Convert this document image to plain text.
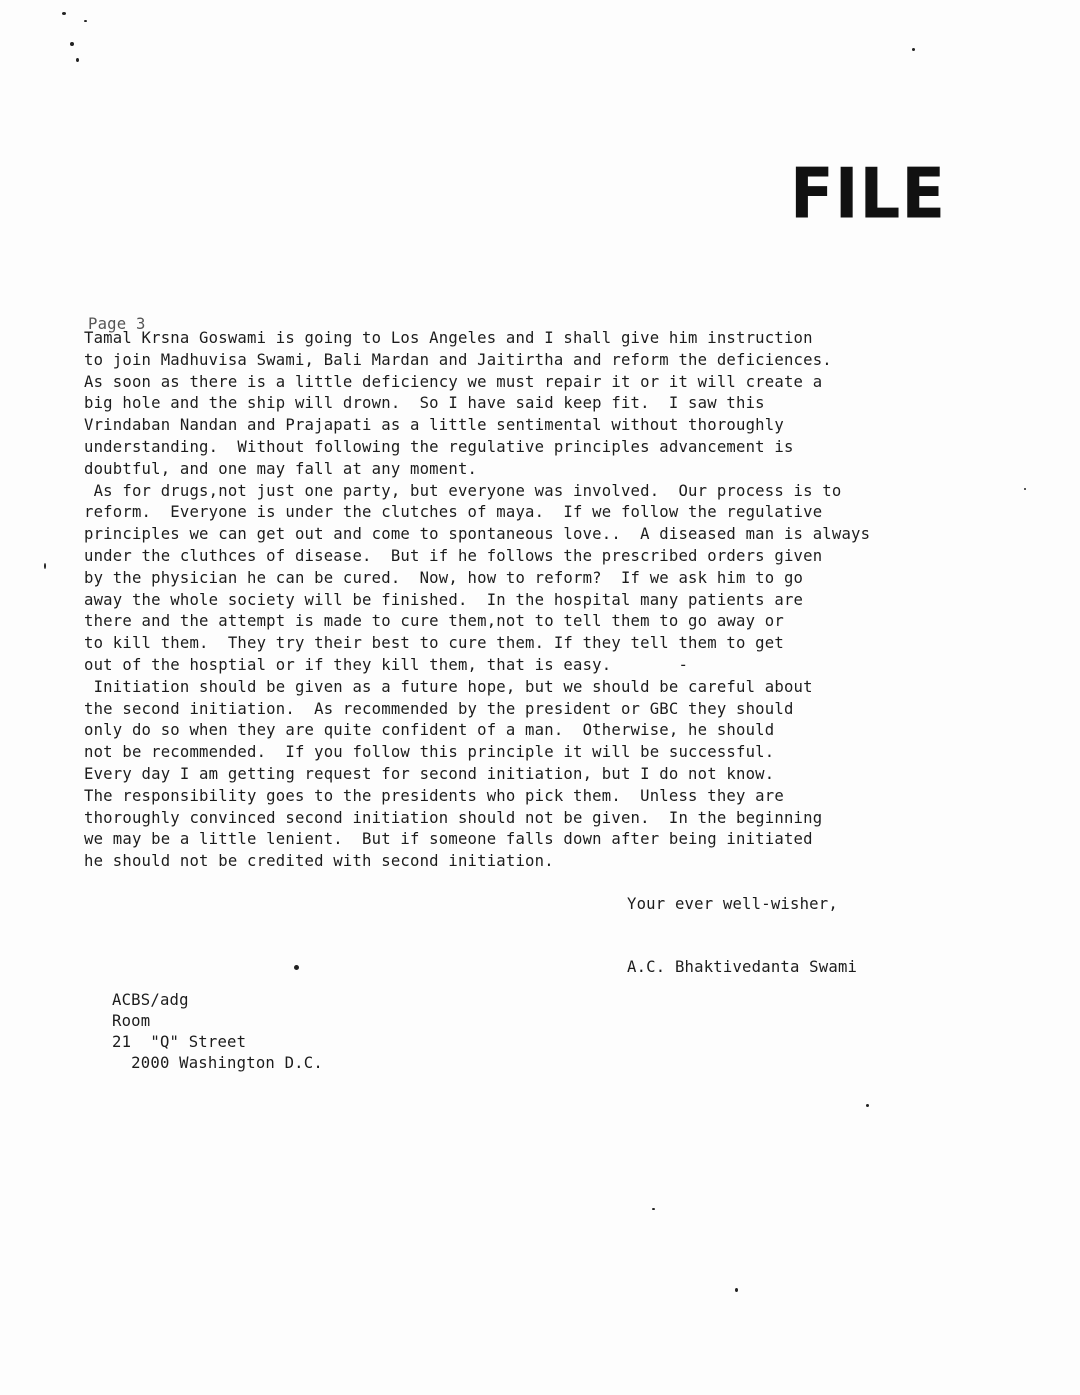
FILE
Page 3
Tamal Krsna Goswami is going to Los Angeles and I shall give him instruction
to join Madhuvisa Swami, Bali Mardan and Jaitirtha and reform the deficiences.
As soon as there is a little deficiency we must repair it or it will create a
big hole and the ship will drown.  So I have said keep fit.  I saw this
Vrindaban Nandan and Prajapati as a little sentimental without thoroughly
understanding.  Without following the regulative principles advancement is
doubtful, and one may fall at any moment.
As for drugs,not just one party, but everyone was involved.  Our process is to
reform.  Everyone is under the clutches of maya.  If we follow the regulative
principles we can get out and come to spontaneous love..  A diseased man is always
under the cluthces of disease.  But if he follows the prescribed orders given
by the physician he can be cured.  Now, how to reform?  If we ask him to go
away the whole society will be finished.  In the hospital many patients are
there and the attempt is made to cure them,not to tell them to go away or
to kill them.  They try their best to cure them. If they tell them to get
out of the hosptial or if they kill them, that is easy.       -
Initiation should be given as a future hope, but we should be careful about
the second initiation.  As recommended by the president or GBC they should
only do so when they are quite confident of a man.  Otherwise, he should
not be recommended.  If you follow this principle it will be successful.
Every day I am getting request for second initiation, but I do not know.
The responsibility goes to the presidents who pick them.  Unless they are
thoroughly convinced second initiation should not be given.  In the beginning
we may be a little lenient.  But if someone falls down after being initiated
he should not be credited with second initiation.
Your ever well-wisher,
A.C. Bhaktivedanta Swami
ACBS/adg
Room
21  "Q" Street
2000 Washington D.C.
